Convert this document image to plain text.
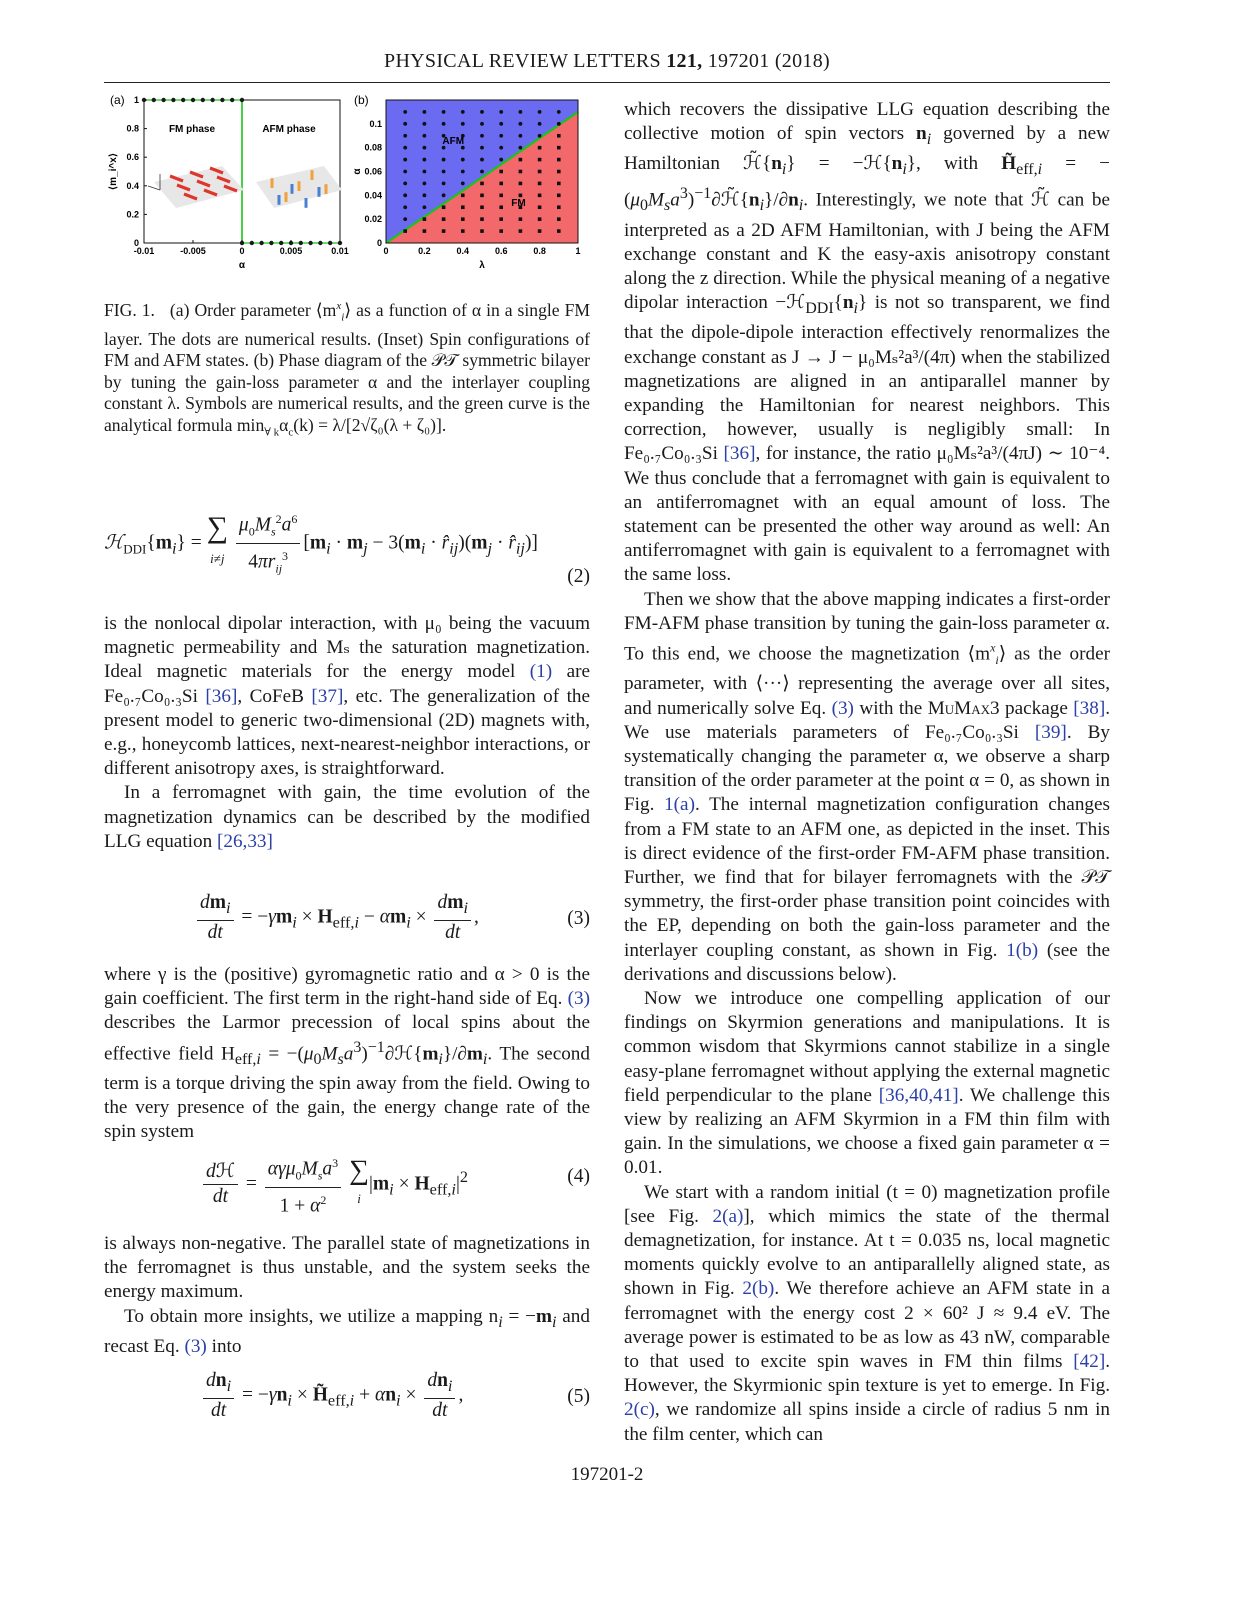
PHYSICAL REVIEW LETTERS 121, 197201 (2018)
(a)
-0.01	-0.005	0	0.005	0.01
0
0.2
0.4
0.6
0.8
1
α
⟨m_i^x⟩
FM phase	AFM phase
(b)
0	0.2	0.4	0.6	0.8	1
0
0.02
0.04
0.06
0.08
0.1
λ
α
AFM
FM
FIG. 1. (a) Order parameter $⟨m^x_i⟩$ as a function of α in a single FM layer. The dots are numerical results. (Inset) Spin configurations of FM and AFM states. (b) Phase diagram of the 𝒫𝒯 symmetric bilayer by tuning the gain-loss parameter α and the interlayer coupling constant λ. Symbols are numerical results, and the green curve is the analytical formula $\min_{\forall k}\alpha_c(k) = \lambda/[2√\zeta_0(\lambda + \zeta_0)]$.
$ℋ_{DDI}\{m_i\}$ = ∑
$i\ne j \frac{\mu_0M_s^2a^6}{4\pi r_{ij}^3} [m_i \cdot m_j - 3(m_i$ · $r̂_{ij})(m_j$ · $r̂_{ij}$)]
(2)

is the nonlocal dipolar interaction, with μ₀ being the vacuum magnetic permeability and Mₛ the saturation magnetization. Ideal magnetic materials for the energy model (1) are Fe₀.₇Co₀.₃Si [36], CoFeB [37], etc. The generalization of the present model to generic two-dimensional (2D) magnets with, e.g., honeycomb lattices, next-nearest-neighbor interactions, or different anisotropy axes, is straightforward.

In a ferromagnet with gain, the time evolution of the magnetization dynamics can be described by the modified LLG equation [26,33]

$\frac{dm_i}{dt} = -\gamma m_i \times H_{eff,i} - \alpha m_i \times \frac{dm_i}{dt}$ ,	(3)

where γ is the (positive) gyromagnetic ratio and α > 0 is the gain coefficient. The first term in the right-hand side of Eq. (3) describes the Larmor precession of local spins about the effective field $H_{eff,i}$ = $-(\mu_0M_sa^3)^{-1}\partial ℋ\{m_i\}/\partial m_i$. The second term is a torque driving the spin away from the field. Owing to the very presence of the gain, the energy change rate of the spin system

$\frac{\text{dℋ}}{dt} = \frac{\alpha\gamma\mu_0M_sa^3}{1 + \alpha^2}$ ∑
$i|m_i \times H_{eff,i}|^2$	(4)

is always non-negative. The parallel state of magnetizations in the ferromagnet is thus unstable, and the system seeks the energy maximum.

To obtain more insights, we utilize a mapping $n_i = -m_i$ and recast Eq. (3) into

$\frac{dn_i}{dt} = -\gamma n_i$ × $H̃_{eff,i} + \alpha n_i \times \frac{dn_i}{dt}$ ,	(5)

which recovers the dissipative LLG equation describing the collective motion of spin vectors $n_i$ governed by a new Hamiltonian $ℋ̃\{n_i\}$ = $-ℋ\{n_i\}$, with $H̃_{eff,i}$ = $-(\mu_0M_sa^3)^{-1}\partial ℋ̃\{n_i\}/\partial n_i$. Interestingly, we note that ℋ̃ can be interpreted as a 2D AFM Hamiltonian, with J being the AFM exchange constant and K the easy-axis anisotropy constant along the z direction. While the physical meaning of a negative dipolar interaction $-ℋ_{DDI}\{n_i\}$ is not so transparent, we find that the dipole-dipole interaction effectively renormalizes the exchange constant as J → J − μ₀Mₛ²a³/(4π) when the stabilized magnetizations are aligned in an antiparallel manner by expanding the Hamiltonian for nearest neighbors. This correction, however, usually is negligibly small: In Fe₀.₇Co₀.₃Si [36], for instance, the ratio μ₀Mₛ²a³/(4πJ) ∼ 10⁻⁴. We thus conclude that a ferromagnet with gain is equivalent to an antiferromagnet with an equal amount of loss. The statement can be presented the other way around as well: An antiferromagnet with gain is equivalent to a ferromagnet with the same loss.

Then we show that the above mapping indicates a first-order FM-AFM phase transition by tuning the gain-loss parameter α. To this end, we choose the magnetization $⟨m^x_i⟩$ as the order parameter, with ⟨···⟩ representing the average over all sites, and numerically solve Eq. (3) with the MuMax3 package [38]. We use materials parameters of Fe₀.₇Co₀.₃Si [39]. By systematically changing the parameter α, we observe a sharp transition of the order parameter at the point α = 0, as shown in Fig. 1(a). The internal magnetization configuration changes from a FM state to an AFM one, as depicted in the inset. This is direct evidence of the first-order FM-AFM phase transition. Further, we find that for bilayer ferromagnets with the 𝒫𝒯 symmetry, the first-order phase transition point coincides with the EP, depending on both the gain-loss parameter and the interlayer coupling constant, as shown in Fig. 1(b) (see the derivations and discussions below).

Now we introduce one compelling application of our findings on Skyrmion generations and manipulations. It is common wisdom that Skyrmions cannot stabilize in a single easy-plane ferromagnet without applying the external magnetic field perpendicular to the plane [36,40,41]. We challenge this view by realizing an AFM Skyrmion in a FM thin film with gain. In the simulations, we choose a fixed gain parameter α = 0.01.

We start with a random initial (t = 0) magnetization profile [see Fig. 2(a)], which mimics the state of the thermal demagnetization, for instance. At t = 0.035 ns, local magnetic moments quickly evolve to an antiparallelly aligned state, as shown in Fig. 2(b). We therefore achieve an AFM state in a ferromagnet with the energy cost 2 × 60² J ≈ 9.4 eV. The average power is estimated to be as low as 43 nW, comparable to that used to excite spin waves in FM thin films [42]. However, the Skyrmionic spin texture is yet to emerge. In Fig. 2(c), we randomize all spins inside a circle of radius 5 nm in the film center, which can

197201-2
